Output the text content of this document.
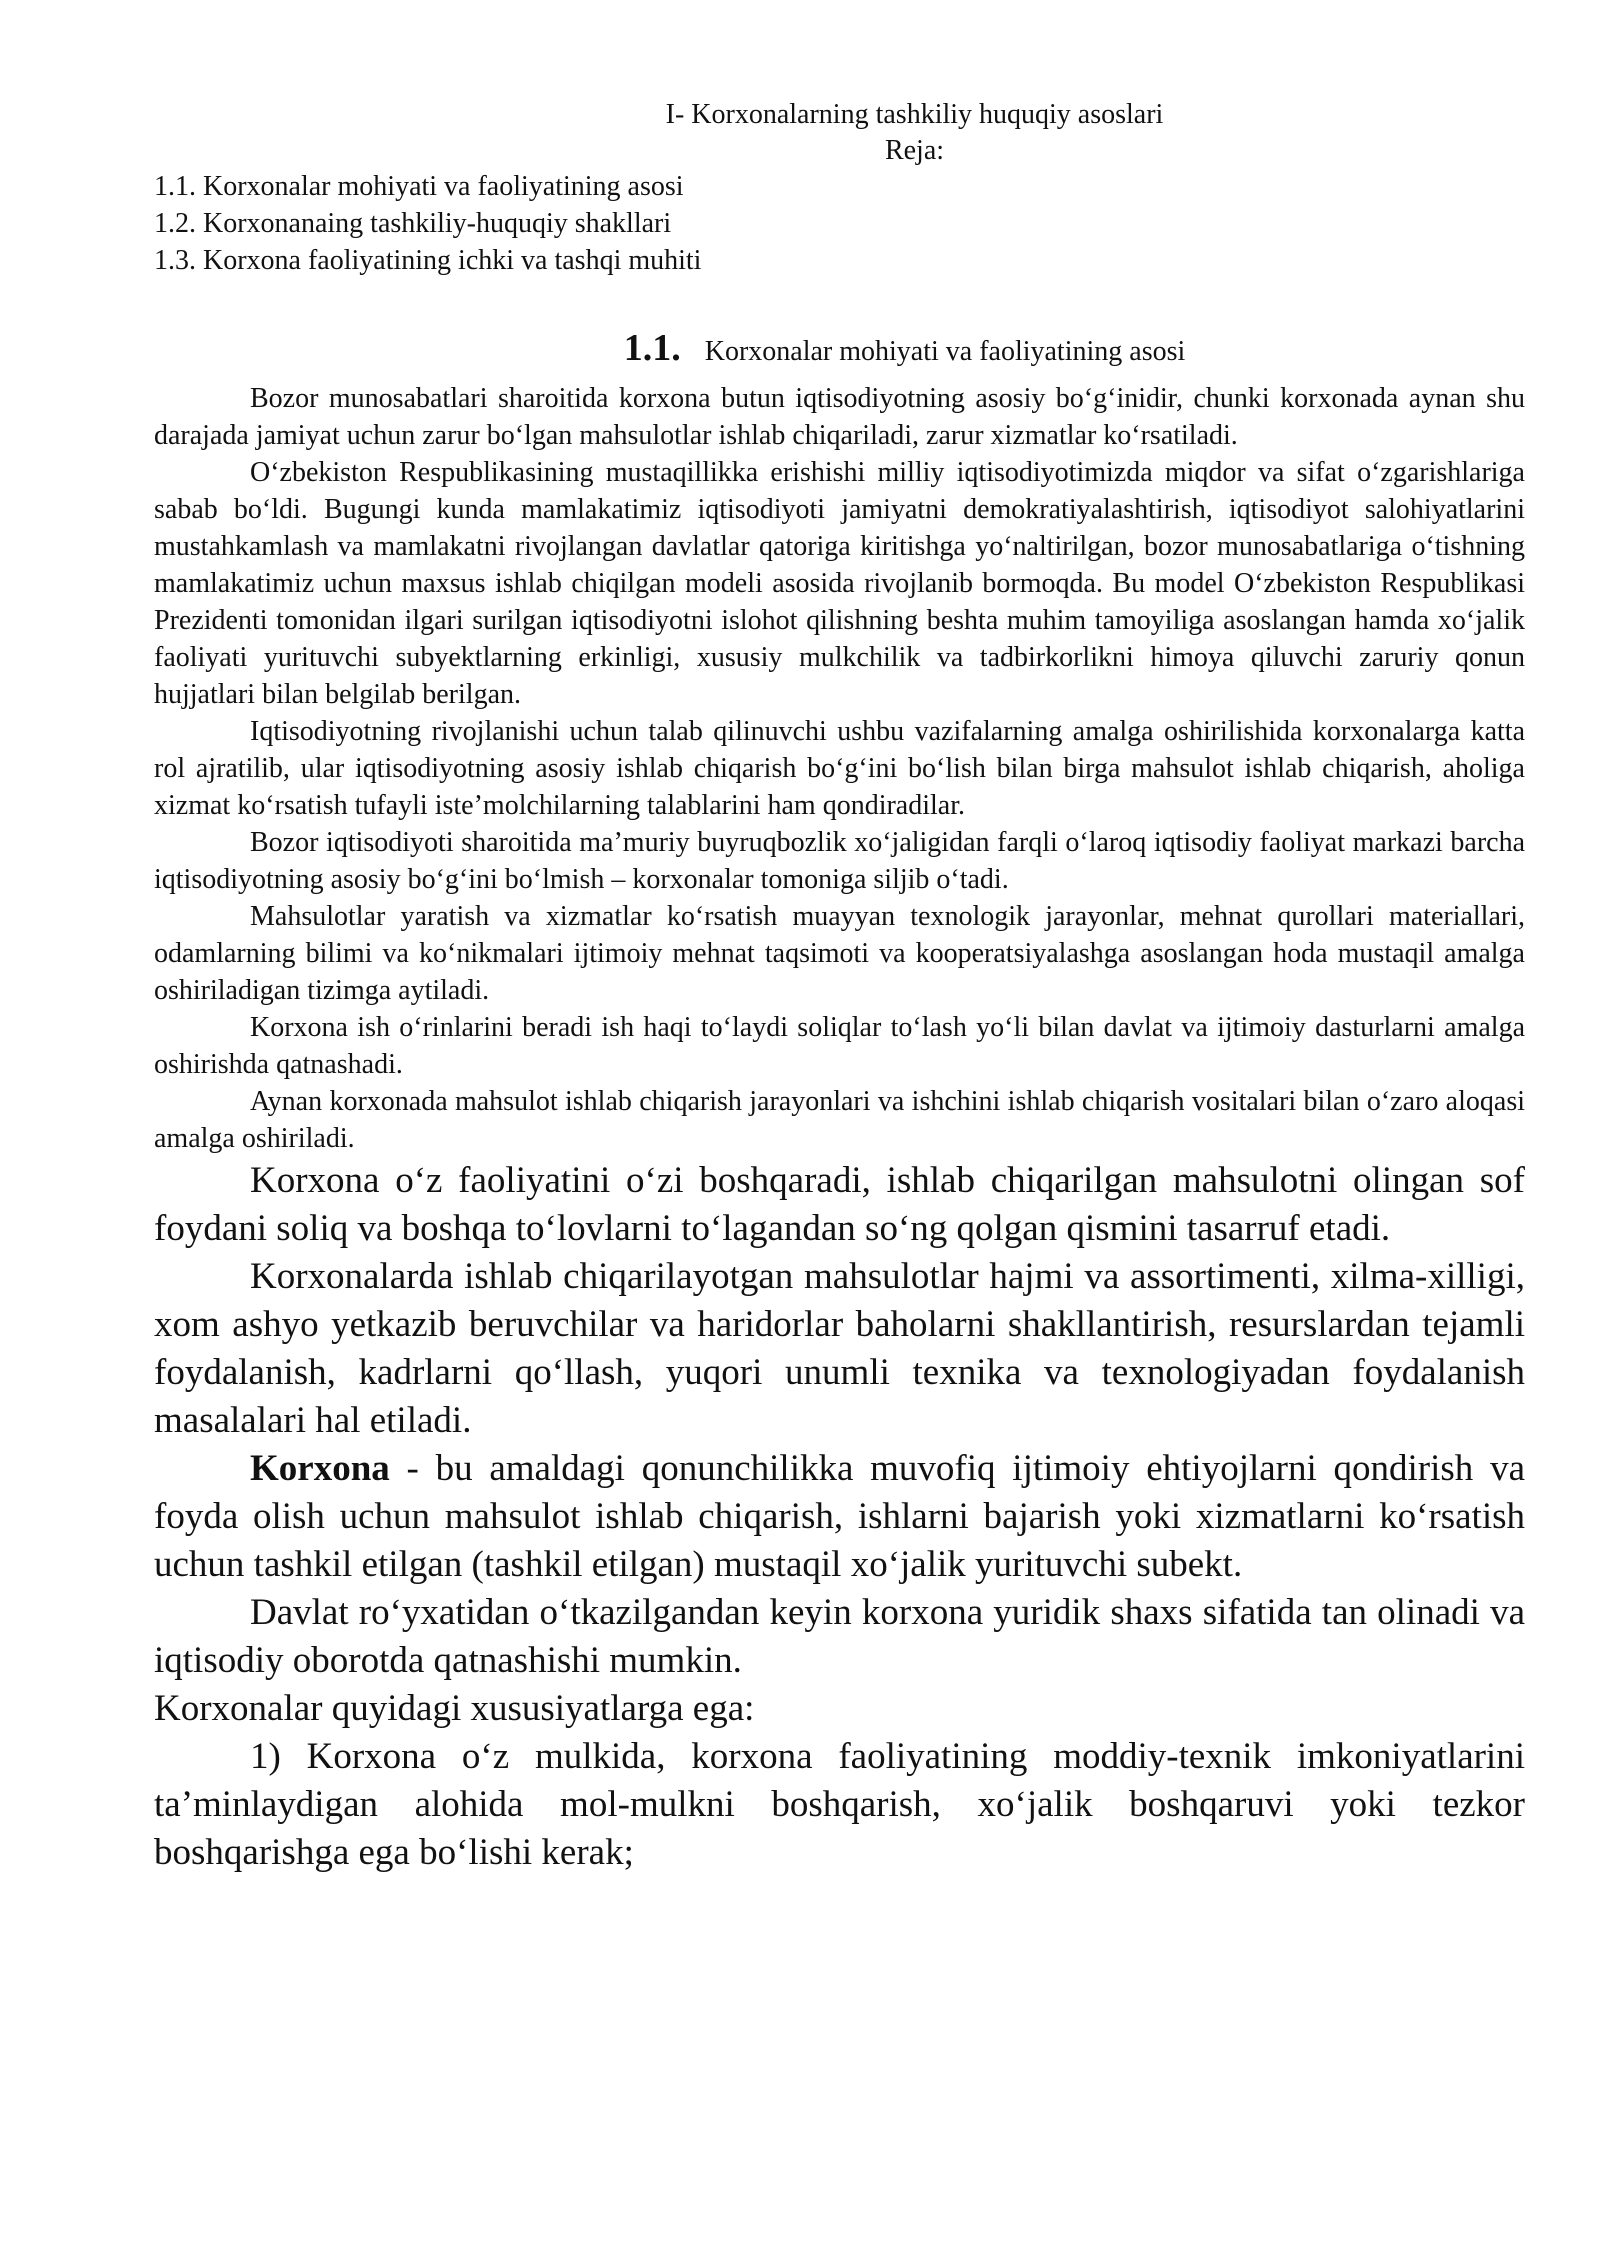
I- Korxonalarning tashkiliy huquqiy asoslari

Reja:

1.1. Korxonalar mohiyati va faoliyatining asosi
1.2. Korxonanaing tashkiliy-huquqiy shakllari
1.3. Korxona faoliyatining ichki va tashqi muhiti
1.1. Korxonalar mohiyati va faoliyatining asosi

Bozor munosabatlari sharoitida korxona butun iqtisodiyotning asosiy bo‘g‘inidir, chunki korxonada aynan shu darajada jamiyat uchun zarur bo‘lgan mahsulotlar ishlab chiqariladi, zarur xizmatlar ko‘rsatiladi.

O‘zbekiston Respublikasining mustaqillikka erishishi milliy iqtisodiyotimizda miqdor va sifat o‘zgarishlariga sabab bo‘ldi. Bugungi kunda mamlakatimiz iqtisodiyoti jamiyatni demokratiyalashtirish, iqtisodiyot salohiyatlarini mustahkamlash va mamlakatni rivojlangan davlatlar qatoriga kiritishga yo‘naltirilgan, bozor munosabatlariga o‘tishning mamlakatimiz uchun maxsus ishlab chiqilgan modeli asosida rivojlanib bormoqda. Bu model O‘zbekiston Respublikasi Prezidenti tomonidan ilgari surilgan iqtisodiyotni islohot qilishning beshta muhim tamoyiliga asoslangan hamda xo‘jalik faoliyati yurituvchi subyektlarning erkinligi, xususiy mulkchilik va tadbirkorlikni himoya qiluvchi zaruriy qonun hujjatlari bilan belgilab berilgan.

Iqtisodiyotning rivojlanishi uchun talab qilinuvchi ushbu vazifalarning amalga oshirilishida korxonalarga katta rol ajratilib, ular iqtisodiyotning asosiy ishlab chiqarish bo‘g‘ini bo‘lish bilan birga mahsulot ishlab chiqarish, aholiga xizmat ko‘rsatish tufayli iste’molchilarning talablarini ham qondiradilar.

Bozor iqtisodiyoti sharoitida ma’muriy buyruqbozlik xo‘jaligidan farqli o‘laroq iqtisodiy faoliyat markazi barcha iqtisodiyotning asosiy bo‘g‘ini bo‘lmish – korxonalar tomoniga siljib o‘tadi.

Mahsulotlar yaratish va xizmatlar ko‘rsatish muayyan texnologik jarayonlar, mehnat qurollari materiallari, odamlarning bilimi va ko‘nikmalari ijtimoiy mehnat taqsimoti va kooperatsiyalashga asoslangan hoda mustaqil amalga oshiriladigan tizimga aytiladi.

Korxona ish o‘rinlarini beradi ish haqi to‘laydi soliqlar to‘lash yo‘li bilan davlat va ijtimoiy dasturlarni amalga oshirishda qatnashadi.

Aynan korxonada mahsulot ishlab chiqarish jarayonlari va ishchini ishlab chiqarish vositalari bilan o‘zaro aloqasi amalga oshiriladi.

Korxona o‘z faoliyatini o‘zi boshqaradi, ishlab chiqarilgan mahsulotni olingan sof foydani soliq va boshqa to‘lovlarni to‘lagandan so‘ng qolgan qismini tasarruf etadi.

Korxonalarda ishlab chiqarilayotgan mahsulotlar hajmi va assortimenti, xilma-xilligi, xom ashyo yetkazib beruvchilar va haridorlar baholarni shakllantirish, resurslardan tejamli foydalanish, kadrlarni qo‘llash, yuqori unumli texnika va texnologiyadan foydalanish masalalari hal etiladi.

Korxona - bu amaldagi qonunchilikka muvofiq ijtimoiy ehtiyojlarni qondirish va foyda olish uchun mahsulot ishlab chiqarish, ishlarni bajarish yoki xizmatlarni ko‘rsatish uchun tashkil etilgan (tashkil etilgan) mustaqil xo‘jalik yurituvchi subekt.

Davlat ro‘yxatidan o‘tkazilgandan keyin korxona yuridik shaxs sifatida tan olinadi va iqtisodiy oborotda qatnashishi mumkin.

Korxonalar quyidagi xususiyatlarga ega:

1) Korxona o‘z mulkida, korxona faoliyatining moddiy-texnik imkoniyatlarini ta’minlaydigan alohida mol-mulkni boshqarish, xo‘jalik boshqaruvi yoki tezkor boshqarishga ega bo‘lishi kerak;
